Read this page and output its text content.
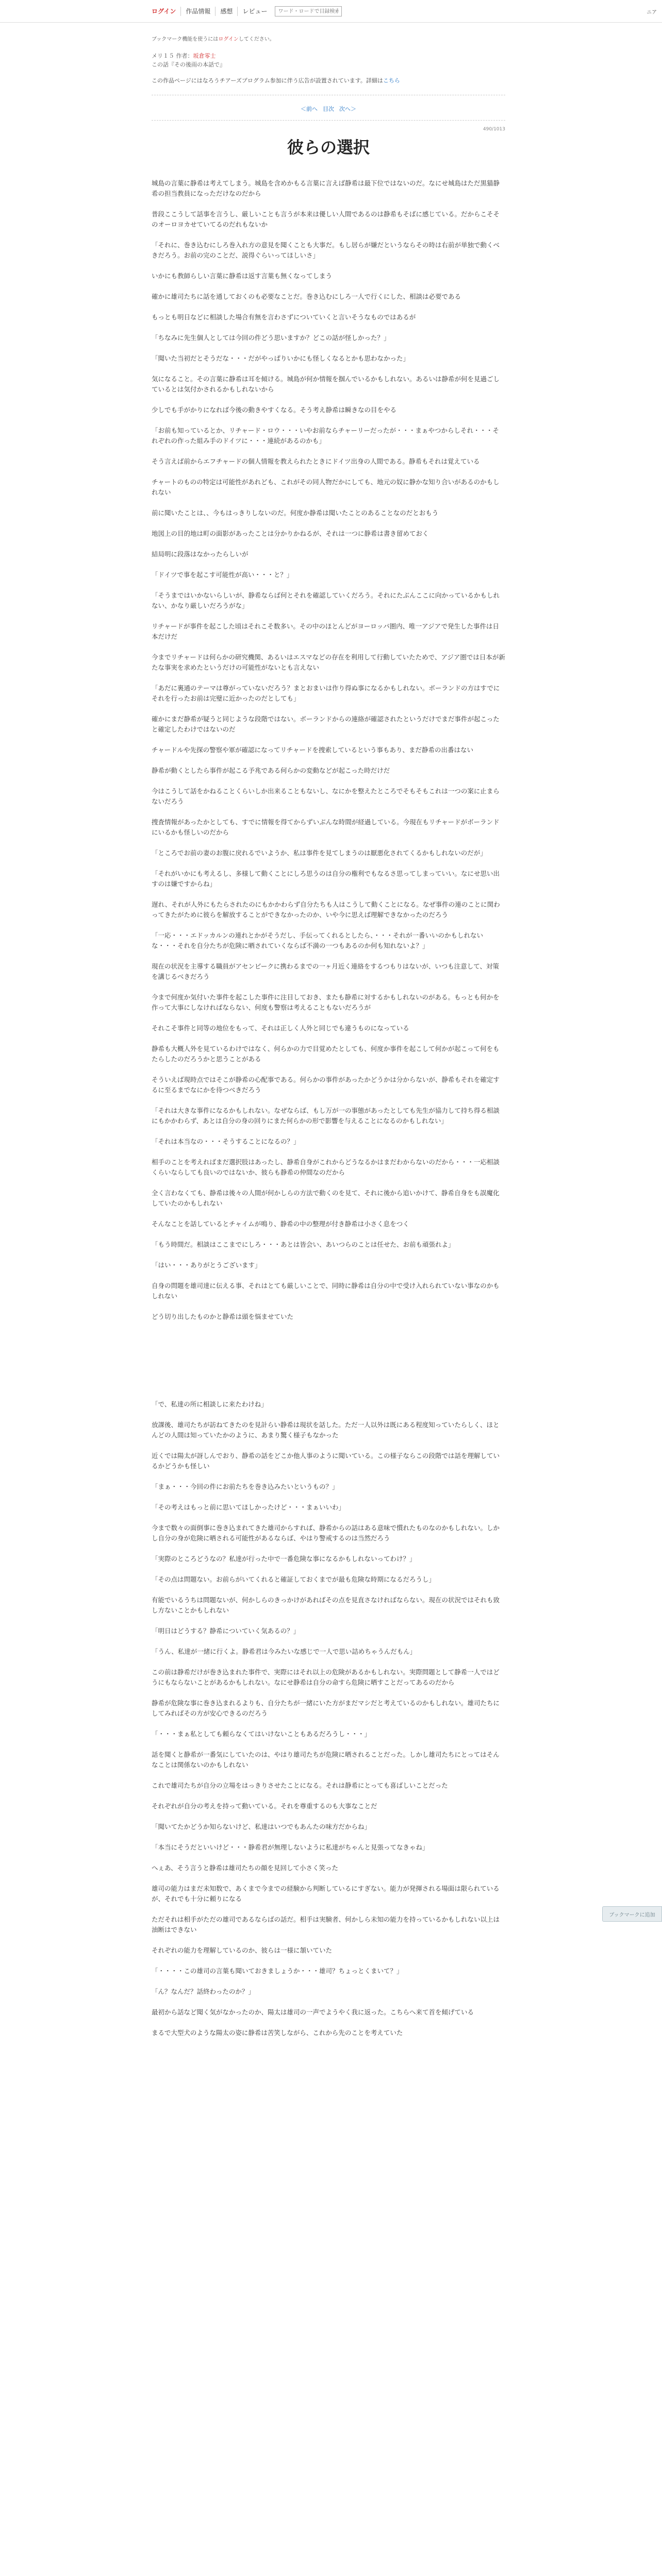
ログイン	作品情報	感想	レビュー
ワード・ロードで目録検索	ニア
ブックマーク機能を使うにはログインしてください。
メリ１５ 作者：坂倉零士
この話『その後雨の本話で』
この作品ページにはなろうチアーズプログラム参加に伴う広告が設置されています。詳細はこちら
＜前へ 目次 次へ＞
490/1013
彼らの選択

城島の言葉に静希は考えてしまう。城島を含めかもる言葉に言えば静希は最下位ではないのだ。なにせ城島はただ黒猫静希の担当教員になっただけなのだから

普段ここうして話事を言うし、厳しいことも言うが本来は優しい人間であるのは静希もそばに感じている。だからこそそのオーロヨカせていてるのだれもないか

「それに、巻き込むにしろ巻入れ方の意見を聞くことも大事だ。もし居らが嫌だというならその時は右前が単独で動くべきだろう。お前の完のことだ、説得ぐらいってほしいさ」

いかにも教師らしい言葉に静希は返す言葉も無くなってしまう

確かに雄司たちに話を通しておくのも必要なことだ。巻き込むにしろ一人で行くにした、相談は必要である

もっとも明日などに相談した場合有無を言わさずについていくと言いそうなものではあるが

「ちなみに先生個人としては今回の件どう思いますか？どこの話が怪しかった？」

「聞いた当初だとそうだな・・・だがやっぱりいかにも怪しくなるとかも思わなかった」

気になること。その言葉に静希は耳を傾ける。城島が何か情報を掴んでいるかもしれない。あるいは静希が何を見過ごしているとは気付かされるかもしれないから

少しでも手がかりになれば今後の動きやすくなる。そう考え静希は瞬きなの目をやる

「お前も知っているとか、リチャード・ロウ・・・いやお前ならチャーリーだったが・・・まぁやつからしそれ・・・それぞれの作った組み手のドイツに・・・連続があるのかも」

そう言えば前からエフチャードの個人情報を教えられたときにドイツ出身の人間である。静希もそれは覚えている

チャートのものの特定は可能性があれども、これがその同人物だかにしても、地元の奴に静かな知り合いがあるのかもしれない

前に聞いたことは、、今もはっきりしないのだ。何度か静希は聞いたことのあることなのだとおもう

地図上の目的地は町の面影があったことは分かりかねるが、それは一つに静希は書き留めておく

結局明に段落はなかったらしいが

「ドイツで事を起こす可能性が高い・・・と？」

「そうまではいかないらしいが、静希ならば何とそれを確認していくだろう。それにたぶんここに向かっているかもしれない、かなり厳しいだろうがな」

リチャードが事件を起こした頃はそれこそ数多い。その中のほとんどがヨーロッパ圏内、唯一アジアで発生した事件は日本だけだ

今までリチャードは何らかの研究機関、あるいはエスマなどの存在を利用して行動していたためで、アジア圏では日本が新たな事実を求めたというだけの可能性がないとも言えない

「あだに裏通のテーマは尊がっていないだろう？まとおまいは作り得ぬ事になるかもしれない。ボーランドの方はすでにそれを行ったお前は完璧に近かったのだとしても」

確かにまだ静希が疑うと同じような段階ではない。ボーランドからの連絡が確認されたというだけでまだ事件が起こったと確定したわけではないのだ

チャードルや先探の警察や軍が確認になってリチャードを捜索しているという事もあり、まだ静希の出番はない

静希が動くとしたら事件が起こる予兆である何らかの変動などが起こった時だけだ

今はこうして話をかねることくらいしか出来ることもないし、なにかを整えたところでそもそもこれは一つの案に止まらないだろう

捜査情報があったかとしても、すでに情報を得てからずいぶんな時間が経過している。今現在もリチャードがボーランドにいるかも怪しいのだから

「ところでお前の妻のお腹に戻れるでいようか、私は事件を見てしまうのは厭悪化されてくるかもしれないのだが」

「それがいかにも考えるし、多様して動くことにしろ思うのは自分の権利でもなるさ思ってしまっていい。なにせ思い出すのは嫌ですからね」

遅れ、それが人外にもたらされたのにもかかわらず自分たちも人はこうして動くことになる。なぜ事件の連のことに関わってきたがために彼らを解放することができなかったのか、いや今に思えば理解できなかったのだろう

「一応・・・エドッカルンの連れとかがそうだし、手伝ってくれるとしたら、・・・それが一番いいのかもしれないな・・・それを自分たちが危険に晒されていくならば不満の一つもあるのか何も知れないよ？」

現在の状況を主導する職員がアセンビークに携わるまでの一ヶ月近く連絡をするつもりはないが、いつも注意して、対策を講じるべきだろう

今まで何度か気付いた事件を起こした事件に注目しておき、またも静希に対するかもしれないのがある。もっとも何かを作って大事にしなければならない、何度も警察は考えることもないだろうが

それこそ事件と同等の地位をもって、それは正しく人外と同じでも違うものになっている

静希も大概人外を見ているわけではなく、何らかの力で目覚めたとしても、何度か事件を起こして何かが起こって何をもたらしたのだろうかと思うことがある

そういえば現時点ではそこが静希の心配事である。何らかの事件があったかどうかは分からないが、静希もそれを確定するに至るまでなにかを待つべきだろう

「それは大きな事件になるかもしれない。なぜならば、もし万が一の事態があったとしても先生が協力して持ち得る相談にもかかわらず、あとは自分の身の回りにまた何らかの形で影響を与えることになるのかもしれない」

「それは本当なの・・・そうすることになるの？」

相手のことを考えればまだ選択肢はあったし、静希自身がこれからどうなるかはまだわからないのだから・・・一応相談くらいならしても良いのではないか、彼らも静希の仲間なのだから

全く言わなくても、静希は後々の人間が何かしらの方法で動くのを見て、それに後から追いかけて、静希自身をも誤魔化していたのかもしれない

そんなことを話しているとチャイムが鳴り、静希の中の整理が付き静希は小さく息をつく

「もう時間だ。相談はここまでにしろ・・・あとは皆会い、あいつらのことは任せた、お前も頑張れよ」

「はい・・・ありがとうございます」

自身の問題を雄司達に伝える事、それはとても厳しいことで、同時に静希は自分の中で受け入れられていない事なのかもしれない

どう切り出したものかと静希は頭を悩ませていた

「で、私達の所に相談しに来たわけね」

放課後、雄司たちが訪ねてきたのを見計らい静希は現状を話した。ただ一人以外は既にある程度知っていたらしく、ほとんどの人間は知っていたかのように、あまり驚く様子もなかった

近くでは陽太が訝しんでおり、静希の話をどこか他人事のように聞いている。この様子ならこの段階では話を理解しているかどうかも怪しい

「まぁ・・・今回の件にお前たちを巻き込みたいというもの？」

「その考えはもっと前に思いてほしかったけど・・・まぁいいわ」

今まで数々の面倒事に巻き込まれてきた雄司からすれば、静希からの話はある意味で慣れたものなのかもしれない。しかし自分の身が危険に晒される可能性があるならば、やはり警戒するのは当然だろう

「実際のところどうなの？私達が行った中で一番危険な事になるかもしれないってわけ？」

「その点は問題ない。お前らがいてくれると確証しておくまでが最も危険な時期になるだろうし」

有能でいるうちは問題ないが、何かしらのきっかけがあればその点を見直さなければならない。現在の状況ではそれも致し方ないことかもしれない

「明日はどうする？静希についていく気あるの？」

「うん、私達が一緒に行くよ。静希君は今みたいな感じで一人で思い詰めちゃうんだもん」

この前は静希だけが巻き込まれた事件で、実際にはそれ以上の危険があるかもしれない。実際問題として静希一人ではどうにもならないことがあるかもしれない。なにせ静希は自分の命すら危険に晒すことだってあるのだから

静希が危険な事に巻き込まれるよりも、自分たちが一緒にいた方がまだマシだと考えているのかもしれない。雄司たちにしてみればその方が安心できるのだろう

「・・・まぁ私としても頼らなくてはいけないこともあるだろうし・・・」

話を聞くと静希が一番気にしていたのは、やはり雄司たちが危険に晒されることだった。しかし雄司たちにとってはそんなことは関係ないのかもしれない

これで雄司たちが自分の立場をはっきりさせたことになる。それは静希にとっても喜ばしいことだった

それぞれが自分の考えを持って動いている。それを尊重するのも大事なことだ

「聞いてたかどうか知らないけど、私達はいつでもあんたの味方だからね」

「本当にそうだといいけど・・・静希君が無理しないように私達がちゃんと見張ってなきゃね」

へぇあ、そう言うと静希は雄司たちの顔を見回して小さく笑った

雄司の能力はまだ未知数で、あくまで今までの経験から判断しているにすぎない。能力が発揮される場面は限られているが、それでも十分に頼りになる

ただそれは相手がただの雄司であるならばの話だ。相手は実験者、何かしら未知の能力を持っているかもしれない以上は油断はできない

それぞれの能力を理解しているのか、彼らは一様に頷いていた

「・・・・この雄司の言葉も聞いておきましょうか・・・雄司？ちょっとくまいて？」

「ん？なんだ？話終わったのか？」

最初から話など聞く気がなかったのか、陽太は雄司の一声でようやく我に返った。こちらへ来て首を傾げている

まるで大型犬のような陽太の姿に静希は苦笑しながら、これから先のことを考えていた

ブックマークに追加
